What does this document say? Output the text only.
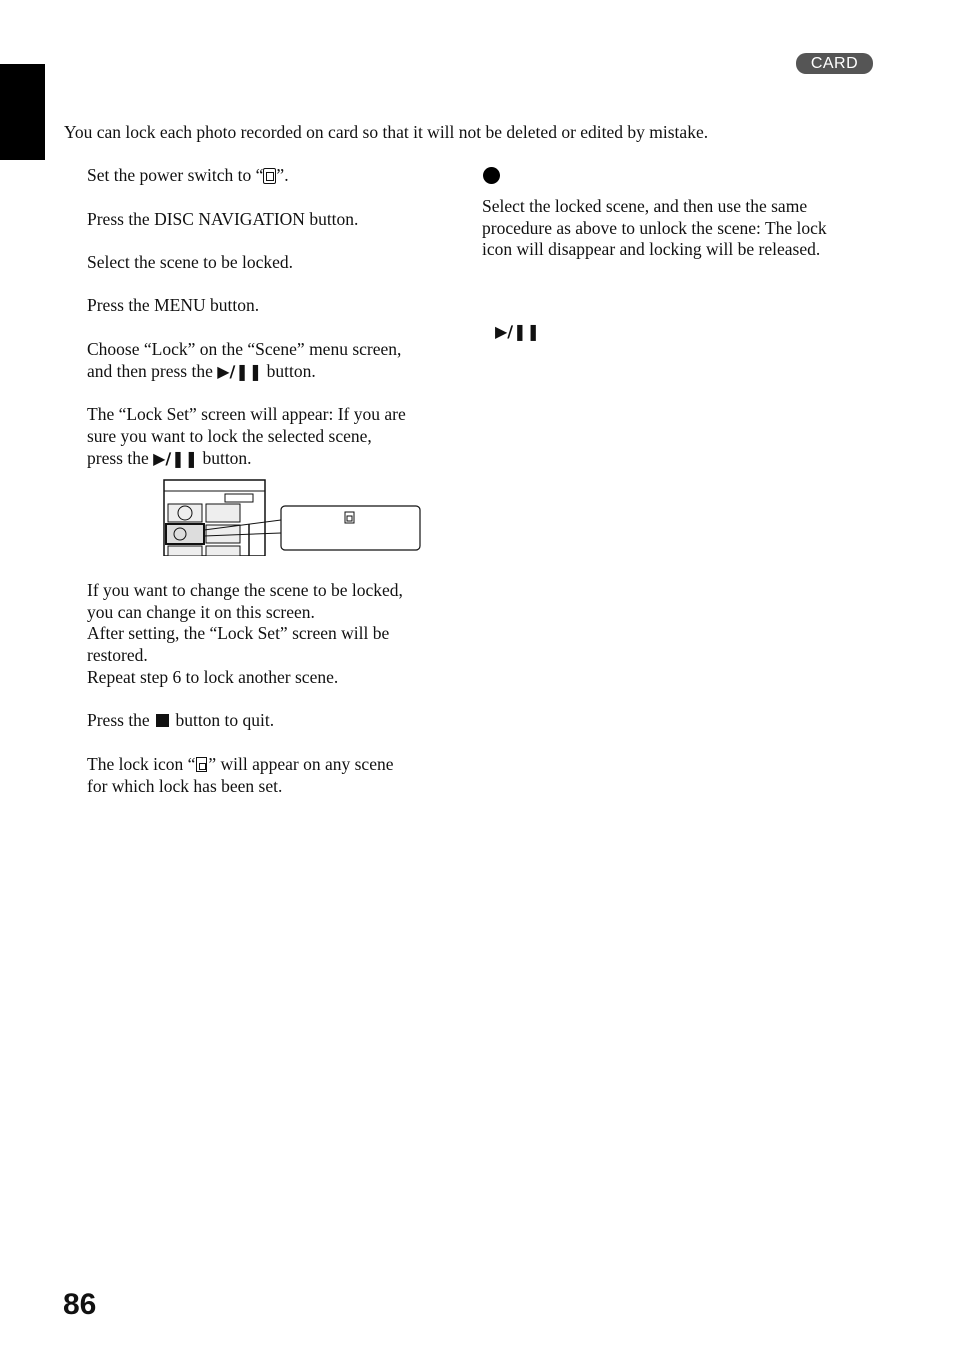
CARD
You can lock each photo recorded on card so that it will not be deleted or edited by mistake.
Set the power switch to “ ”.
Press the DISC NAVIGATION button.
Select the scene to be locked.
Press the MENU button.
Choose “Lock” on the “Scene” menu screen,
and then press the ▶∕❚❚ button.
The “Lock Set” screen will appear: If you are
sure you want to lock the selected scene,
press the ▶∕❚❚ button.
If you want to change the scene to be locked,
you can change it on this screen.
After setting, the “Lock Set” screen will be
restored.
Repeat step 6 to lock another scene.
Press the  button to quit.
The lock icon “ ” will appear on any scene
for which lock has been set.
Select the locked scene, and then use the same
procedure as above to unlock the scene: The lock
icon will disappear and locking will be released.
▶∕❚❚
86
